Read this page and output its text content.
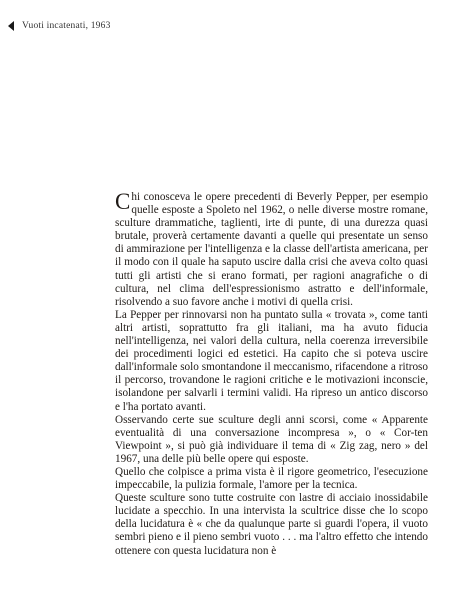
Vuoti incatenati, 1963

Chi conosceva le opere precedenti di Beverly Pepper, per esempio quelle esposte a Spoleto nel 1962, o nelle diverse mostre romane, sculture drammatiche, taglienti, irte di punte, di una durezza quasi brutale, proverà certamente davanti a quelle qui presentate un senso di ammirazione per l'intelligenza e la classe dell'artista americana, per il modo con il quale ha saputo uscire dalla crisi che aveva colto quasi tutti gli artisti che si erano formati, per ragioni anagrafiche o di cultura, nel clima dell'espressionismo astratto e dell'informale, risolvendo a suo favore anche i motivi di quella crisi.

La Pepper per rinnovarsi non ha puntato sulla « trovata », come tanti altri artisti, soprattutto fra gli italiani, ma ha avuto fiducia nell'intelligenza, nei valori della cultura, nella coerenza irreversibile dei procedimenti logici ed estetici. Ha capito che si poteva uscire dall'informale solo smontandone il meccanismo, rifacendone a ritroso il percorso, trovandone le ragioni critiche e le motivazioni inconscie, isolandone per salvarli i termini validi. Ha ripreso un antico discorso e l'ha portato avanti.

Osservando certe sue sculture degli anni scorsi, come « Apparente eventualità di una conversazione incompresa », o « Cor-ten Viewpoint », si può già individuare il tema di « Zig zag, nero » del 1967, una delle più belle opere qui esposte.

Quello che colpisce a prima vista è il rigore geometrico, l'esecuzione impeccabile, la pulizia formale, l'amore per la tecnica.

Queste sculture sono tutte costruite con lastre di acciaio inossidabile lucidate a specchio. In una intervista la scultrice disse che lo scopo della lucidatura è « che da qualunque parte si guardi l'opera, il vuoto sembri pieno e il pieno sembri vuoto . . . ma l'altro effetto che intendo ottenere con questa lucidatura non è
